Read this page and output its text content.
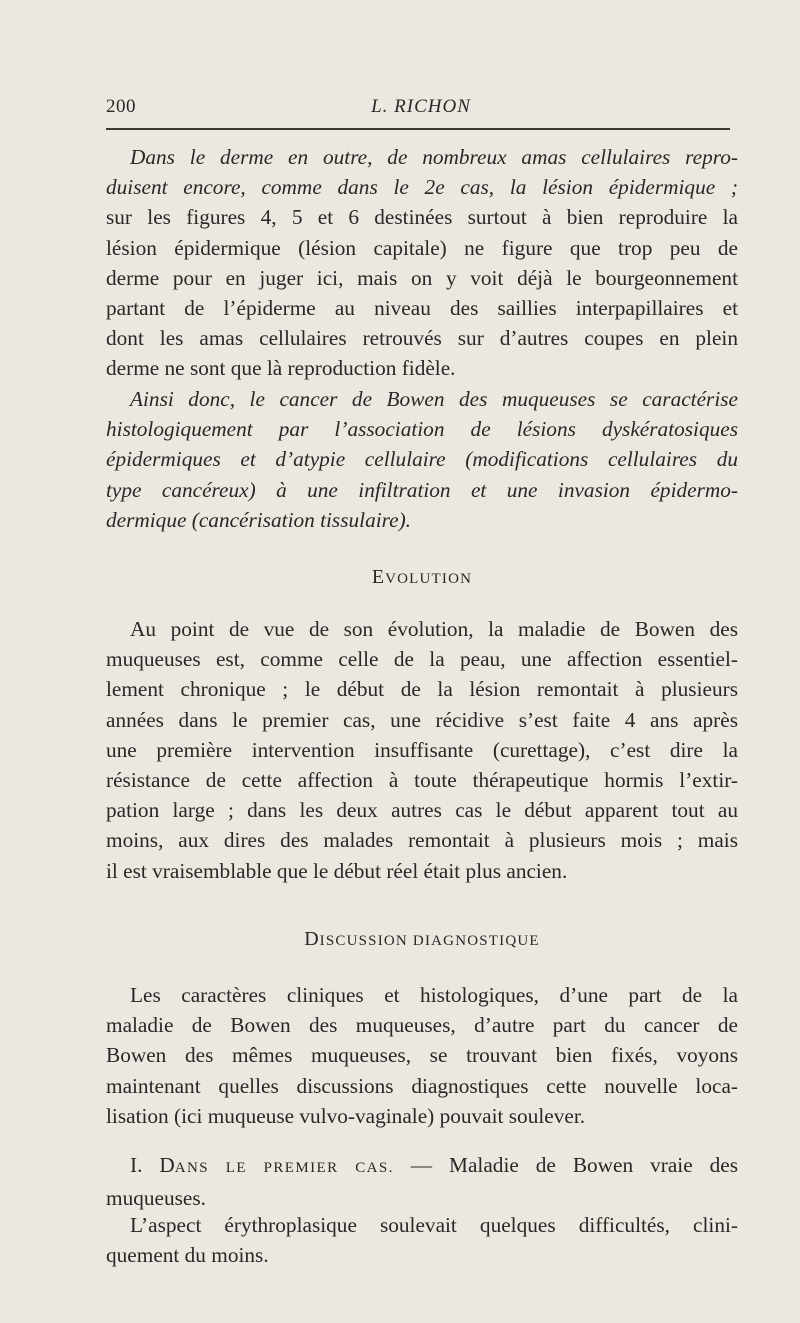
200	L. RICHON
Dans le derme en outre, de nombreux amas cellulaires repro-
duisent encore, comme dans le 2e cas, la lésion épidermique ;
sur les figures 4, 5 et 6 destinées surtout à bien reproduire la
lésion épidermique (lésion capitale) ne figure que trop peu de
derme pour en juger ici, mais on y voit déjà le bourgeonnement
partant de l’épiderme au niveau des saillies interpapillaires et
dont les amas cellulaires retrouvés sur d’autres coupes en plein
derme ne sont que là reproduction fidèle.
Ainsi donc, le cancer de Bowen des muqueuses se caractérise
histologiquement par l’association de lésions dyskératosiques
épidermiques et d’atypie cellulaire (modifications cellulaires du
type cancéreux) à une infiltration et une invasion épidermo-
dermique (cancérisation tissulaire).
EVOLUTION
Au point de vue de son évolution, la maladie de Bowen des
muqueuses est, comme celle de la peau, une affection essentiel-
lement chronique ; le début de la lésion remontait à plusieurs
années dans le premier cas, une récidive s’est faite 4 ans après
une première intervention insuffisante (curettage), c’est dire la
résistance de cette affection à toute thérapeutique hormis l’extir-
pation large ; dans les deux autres cas le début apparent tout au
moins, aux dires des malades remontait à plusieurs mois ; mais
il est vraisemblable que le début réel était plus ancien.
DISCUSSION DIAGNOSTIQUE
Les caractères cliniques et histologiques, d’une part de la
maladie de Bowen des muqueuses, d’autre part du cancer de
Bowen des mêmes muqueuses, se trouvant bien fixés, voyons
maintenant quelles discussions diagnostiques cette nouvelle loca-
lisation (ici muqueuse vulvo-vaginale) pouvait soulever.
I. DANS LE PREMIER CAS. — Maladie de Bowen vraie des
muqueuses.
L’aspect érythroplasique soulevait quelques difficultés, clini-
quement du moins.
